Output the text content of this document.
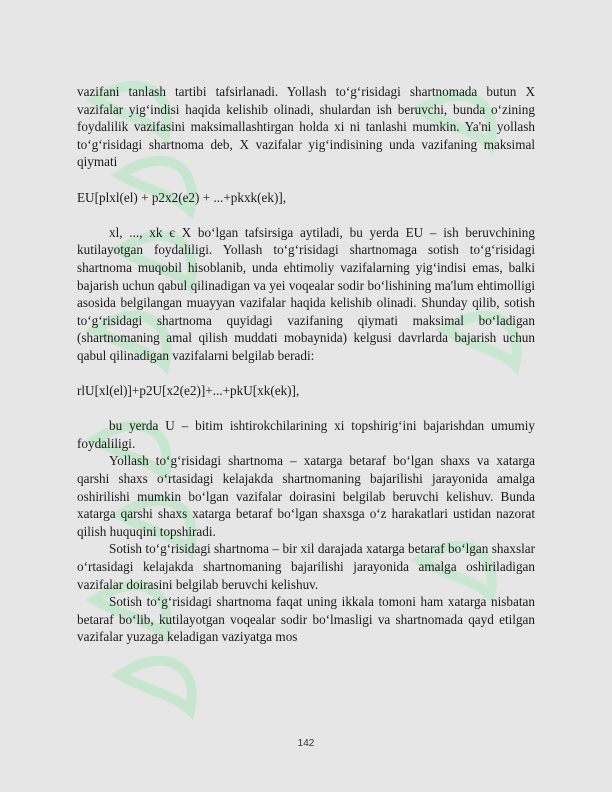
vazifani tanlash tartibi tafsirlanadi. Yollash to‘g‘risidagi shartnomada butun X vazifalar yig‘indisi haqida kelishib olinadi, shulardan ish beruvchi, bunda o‘zining foydalilik vazifasini maksimallashtirgan holda xi ni tanlashi mumkin. Ya'ni yollash to‘g‘risidagi shartnoma deb, X vazifalar yig‘indisining unda vazifaning maksimal qiymati

EU[plxl(el) + p2x2(e2) + ...+pkxk(ek)],

xl, ..., xk є X bo‘lgan tafsirsiga aytiladi, bu yerda EU – ish beruvchining kutilayotgan foydaliligi. Yollash to‘g‘risidagi shartnomaga sotish to‘g‘risidagi shartnoma muqobil hisoblanib, unda ehtimoliy vazifalarning yig‘indisi emas, balki bajarish uchun qabul qilinadigan va yei voqealar sodir bo‘lishining ma'lum ehtimolligi asosida belgilangan muayyan vazifalar haqida kelishib olinadi. Shunday qilib, sotish to‘g‘risidagi shartnoma quyidagi vazifaning qiymati maksimal bo‘ladigan (shartnomaning amal qilish muddati mobaynida) kelgusi davrlarda bajarish uchun qabul qilinadigan vazifalarni belgilab beradi:

rlU[xl(el)]+p2U[x2(e2)]+...+pkU[xk(ek)],

bu yerda U – bitim ishtirokchilarining xi topshirig‘ini bajarishdan umumiy foydaliligi.

Yollash to‘g‘risidagi shartnoma – xatarga betaraf bo‘lgan shaxs va xatarga qarshi shaxs o‘rtasidagi kelajakda shartnomaning bajarilishi jarayonida amalga oshirilishi mumkin bo‘lgan vazifalar doirasini belgilab beruvchi kelishuv. Bunda xatarga qarshi shaxs xatarga betaraf bo‘lgan shaxsga o‘z harakatlari ustidan nazorat qilish huquqini topshiradi.

Sotish to‘g‘risidagi shartnoma – bir xil darajada xatarga betaraf bo‘lgan shaxslar o‘rtasidagi kelajakda shartnomaning bajarilishi jarayonida amalga oshiriladigan vazifalar doirasini belgilab beruvchi kelishuv.

Sotish to‘g‘risidagi shartnoma faqat uning ikkala tomoni ham xatarga nisbatan betaraf bo‘lib, kutilayotgan voqealar sodir bo‘lmasligi va shartnomada qayd etilgan vazifalar yuzaga keladigan vaziyatga mos

142
